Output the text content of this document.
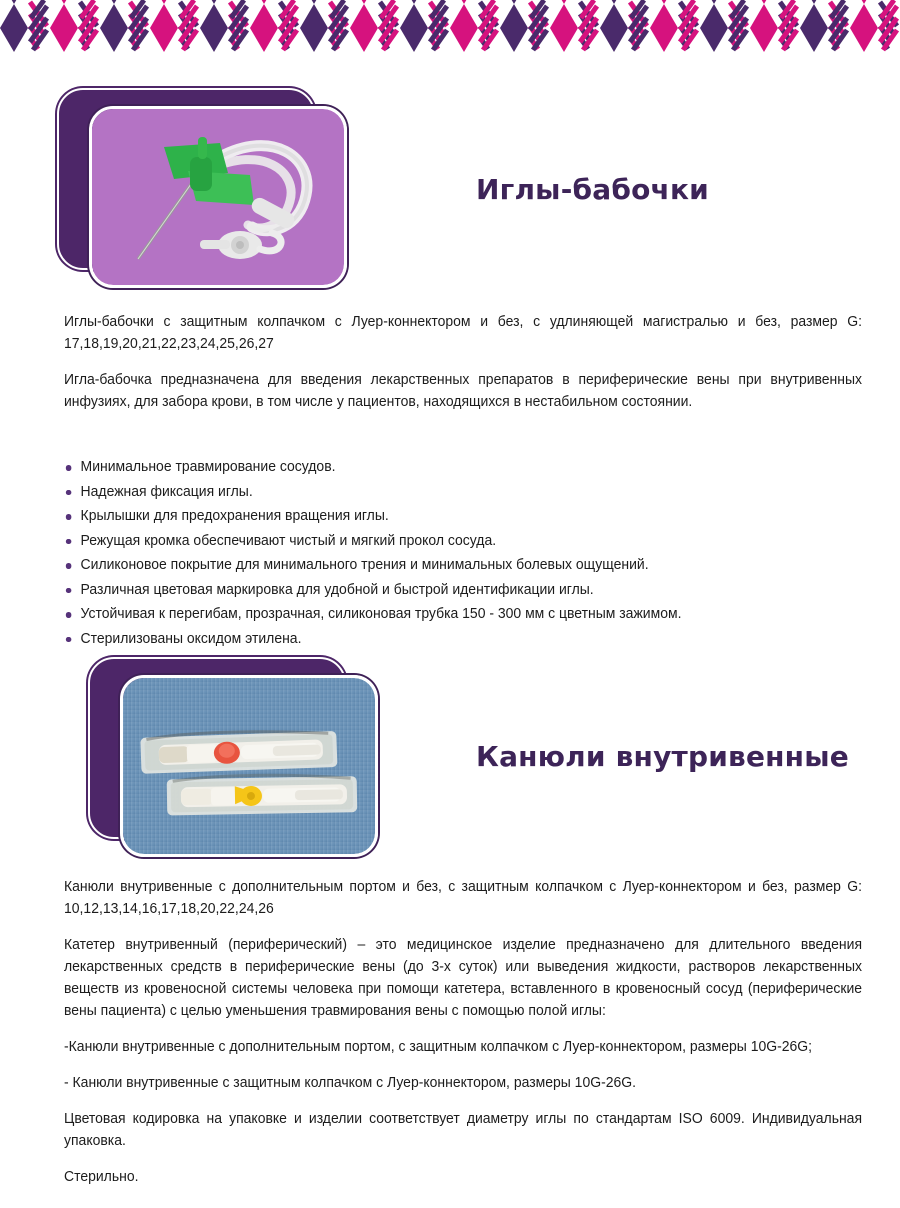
Иглы-бабочки

Иглы-бабочки с защитным колпачком с Луер-коннектором и без, с удлиняющей магистралью и без, размер G: 17,18,19,20,21,22,23,24,25,26,27

Игла-бабочка предназначена для введения лекарственных препаратов в периферические вены при внутривенных инфузиях, для забора крови, в том числе у пациентов, находящихся в нестабильном состоянии.

Минимальное травмирование сосудов.
Надежная фиксация иглы.
Крылышки для предохранения вращения иглы.
Режущая кромка обеспечивают чистый и мягкий прокол сосуда.
Силиконовое покрытие для минимального трения и минимальных болевых ощущений.
Различная цветовая маркировка для удобной и быстрой идентификации иглы.
Устойчивая к перегибам, прозрачная, силиконовая трубка 150 - 300 мм с цветным зажимом.
Стерилизованы оксидом этилена.
Канюли внутривенные

Канюли внутривенные с дополнительным портом и без, с защитным колпачком с Луер-коннектором и без, размер G: 10,12,13,14,16,17,18,20,22,24,26

Катетер внутривенный (периферический) – это медицинское изделие предназначено для длительного введения лекарственных средств в периферические вены (до 3-х суток) или выведения жидкости, растворов лекарственных веществ из кровеносной системы человека при помощи катетера, вставленного в кровеносный сосуд (периферические вены пациента) с целью уменьшения травмирования вены с помощью полой иглы:

-Канюли внутривенные с дополнительным портом, с защитным колпачком с Луер-коннектором, размеры 10G-26G;

- Канюли внутривенные с защитным колпачком с Луер-коннектором, размеры 10G-26G.

Цветовая кодировка на упаковке и изделии соответствует диаметру иглы по стандартам ISO 6009. Индивидуальная упаковка.

Стерильно.
